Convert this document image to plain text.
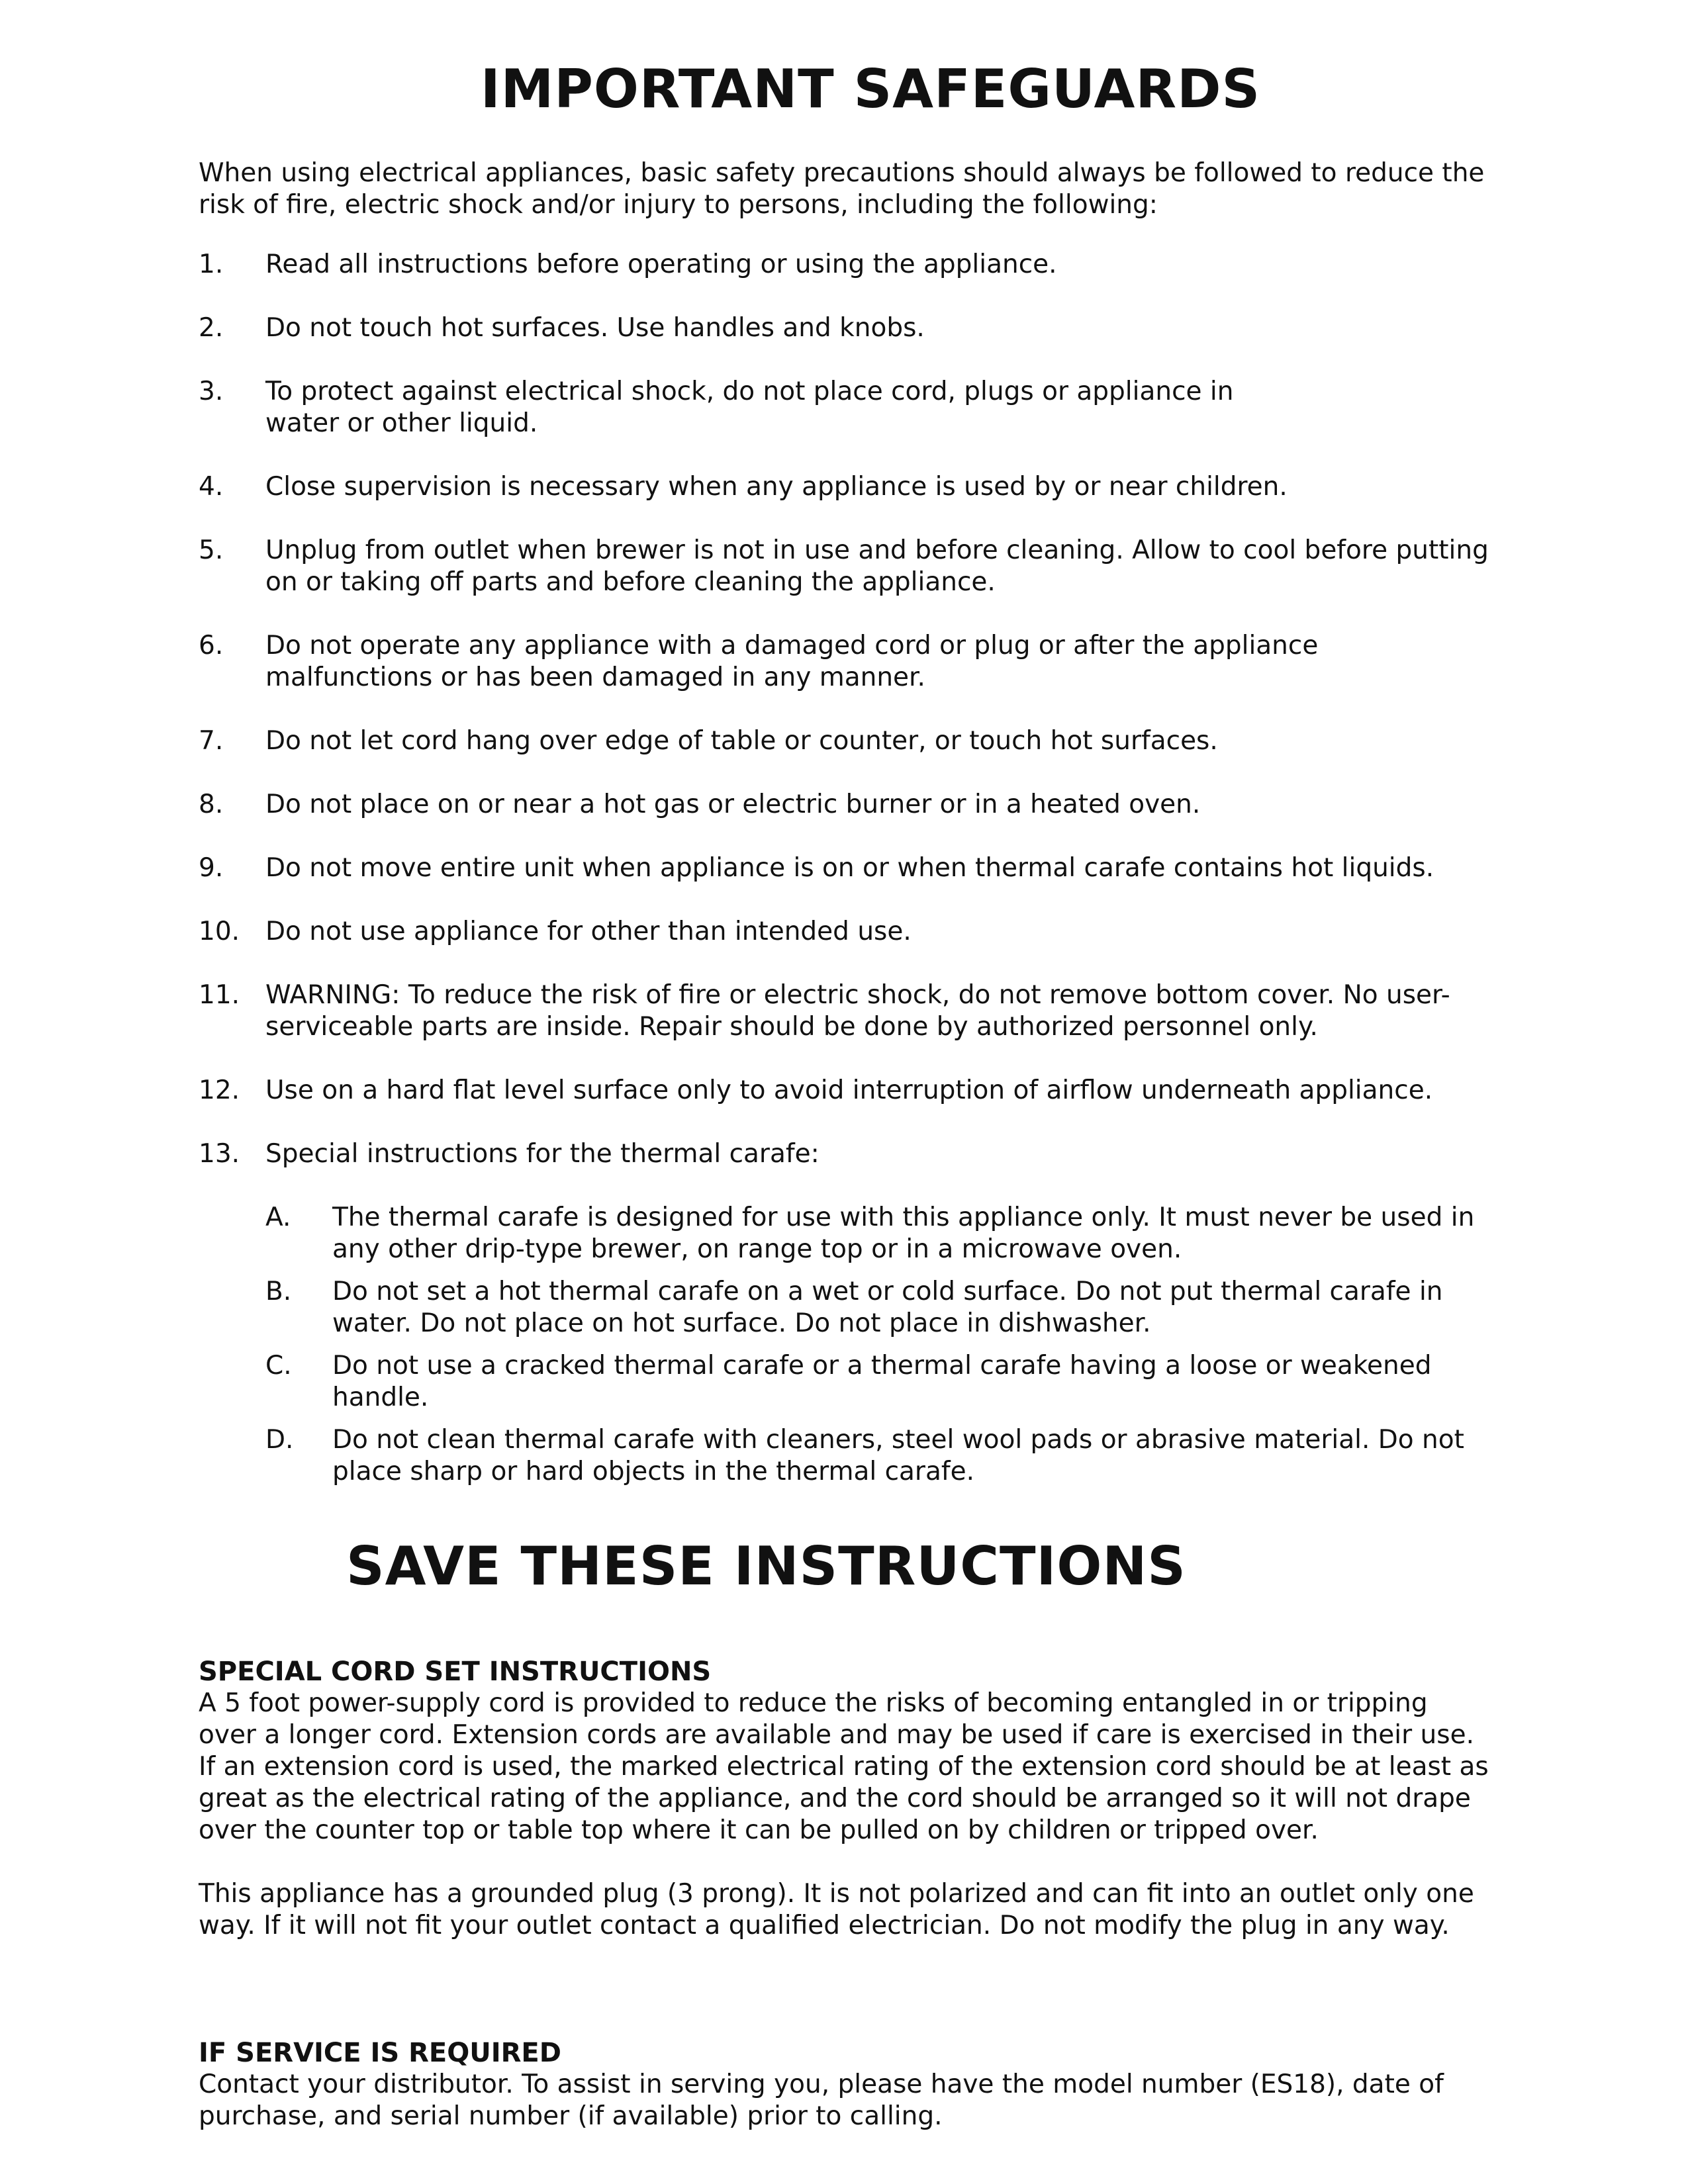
IMPORTANT SAFEGUARDS

When using electrical appliances, basic safety precautions should always be followed to reduce the risk of fire, electric shock and/or injury to persons, including the following:

1. Read all instructions before operating or using the appliance.
2. Do not touch hot surfaces. Use handles and knobs.
3. To protect against electrical shock, do not place cord, plugs or appliance in water or other liquid.
4. Close supervision is necessary when any appliance is used by or near children.
5. Unplug from outlet when brewer is not in use and before cleaning. Allow to cool before putting on or taking off parts and before cleaning the appliance.
6. Do not operate any appliance with a damaged cord or plug or after the appliance malfunctions or has been damaged in any manner.
7. Do not let cord hang over edge of table or counter, or touch hot surfaces.
8. Do not place on or near a hot gas or electric burner or in a heated oven.
9. Do not move entire unit when appliance is on or when thermal carafe contains hot liquids.
10. Do not use appliance for other than intended use.
11. WARNING: To reduce the risk of fire or electric shock, do not remove bottom cover. No user-serviceable parts are inside. Repair should be done by authorized personnel only.
12. Use on a hard flat level surface only to avoid interruption of airflow underneath appliance.
13. Special instructions for the thermal carafe:
A. The thermal carafe is designed for use with this appliance only. It must never be used in any other drip-type brewer, on range top or in a microwave oven.
B. Do not set a hot thermal carafe on a wet or cold surface. Do not put thermal carafe in water. Do not place on hot surface. Do not place in dishwasher.
C. Do not use a cracked thermal carafe or a thermal carafe having a loose or weakened handle.
D. Do not clean thermal carafe with cleaners, steel wool pads or abrasive material. Do not place sharp or hard objects in the thermal carafe.
SAVE THESE INSTRUCTIONS

SPECIAL CORD SET INSTRUCTIONS

A 5 foot power-supply cord is provided to reduce the risks of becoming entangled in or tripping over a longer cord. Extension cords are available and may be used if care is exercised in their use. If an extension cord is used, the marked electrical rating of the extension cord should be at least as great as the electrical rating of the appliance, and the cord should be arranged so it will not drape over the counter top or table top where it can be pulled on by children or tripped over.

This appliance has a grounded plug (3 prong). It is not polarized and can fit into an outlet only one way. If it will not fit your outlet contact a qualified electrician. Do not modify the plug in any way.

IF SERVICE IS REQUIRED

Contact your distributor. To assist in serving you, please have the model number (ES18), date of purchase, and serial number (if available) prior to calling.
